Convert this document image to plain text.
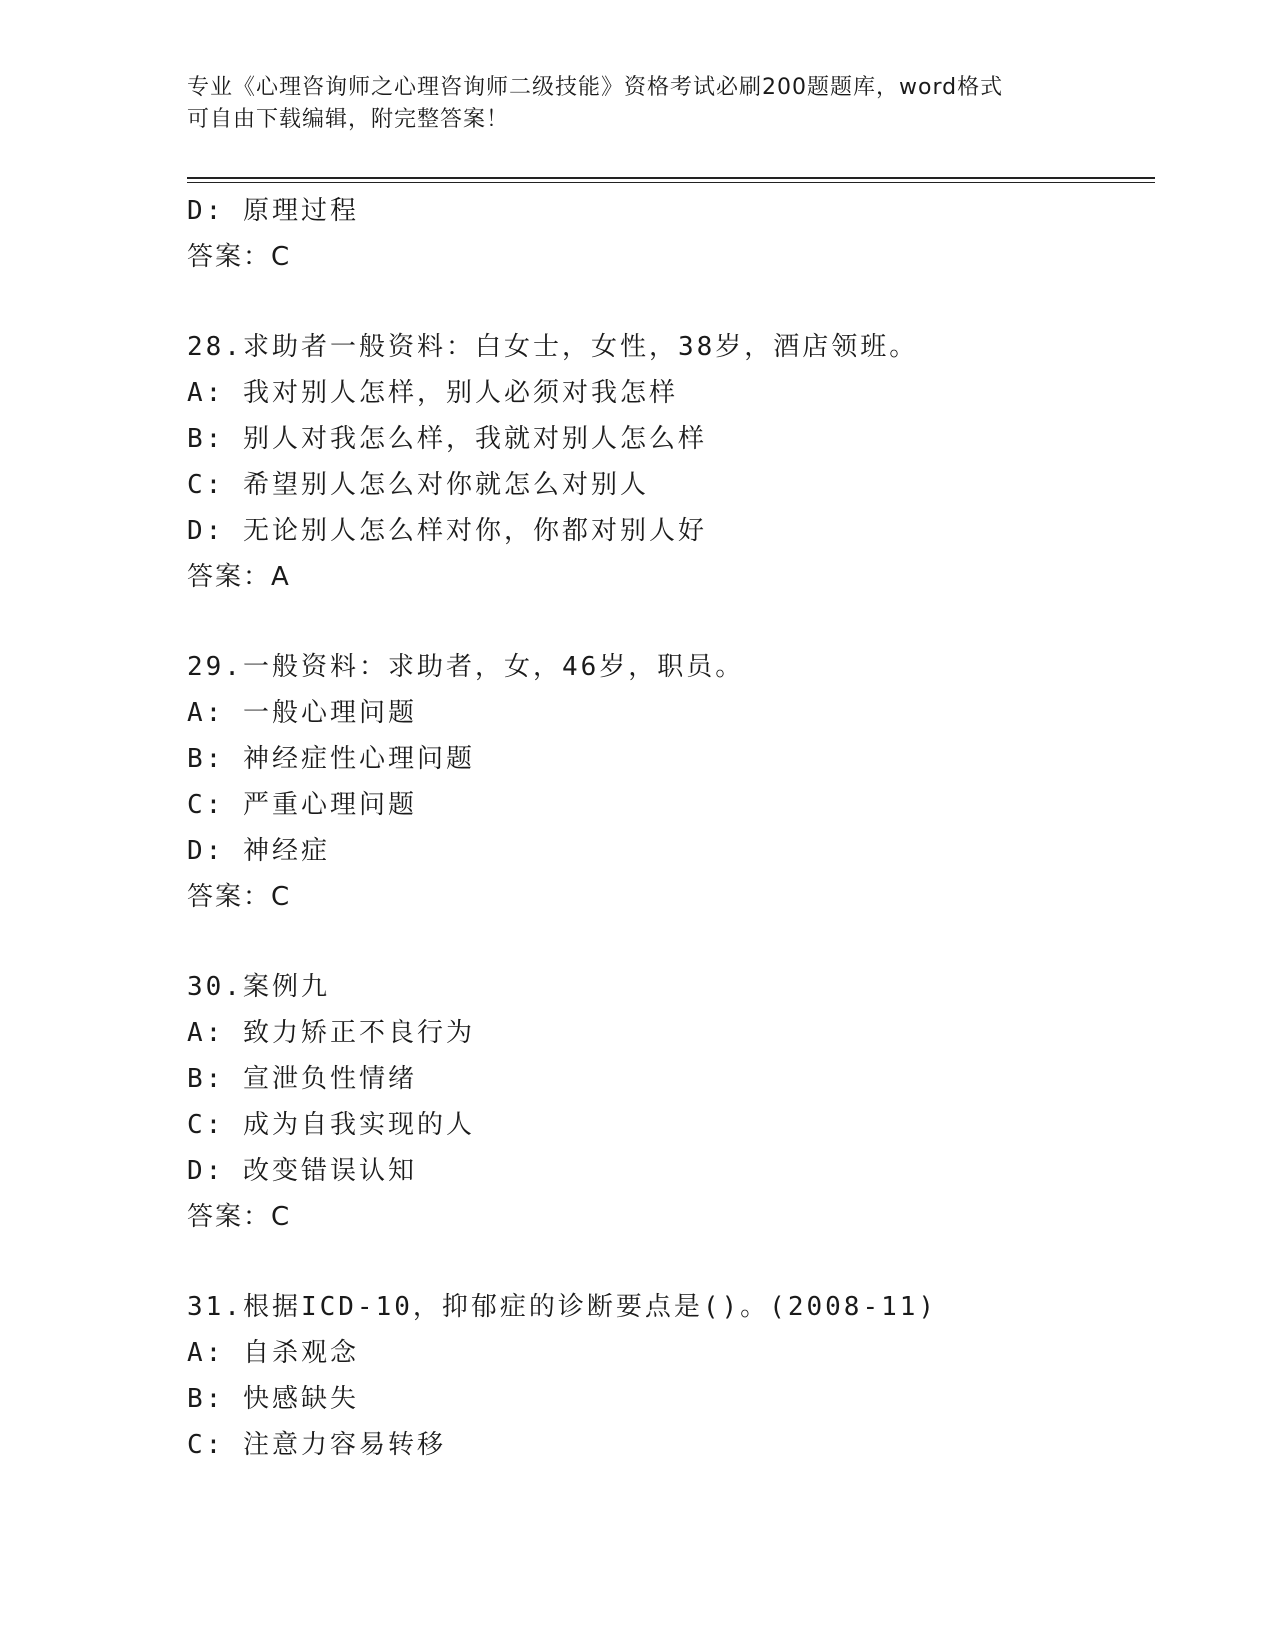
专业《心理咨询师之心理咨询师二级技能》资格考试必刷200题题库，word格式
可自由下载编辑，附完整答案！
D: 原理过程
答案：C
28.求助者一般资料：白女士，女性，38岁，酒店领班。
A: 我对别人怎样，别人必须对我怎样
B: 别人对我怎么样，我就对别人怎么样
C: 希望别人怎么对你就怎么对别人
D: 无论别人怎么样对你，你都对别人好
答案：A
29.一般资料：求助者，女，46岁，职员。
A: 一般心理问题
B: 神经症性心理问题
C: 严重心理问题
D: 神经症
答案：C
30.案例九
A: 致力矫正不良行为
B: 宣泄负性情绪
C: 成为自我实现的人
D: 改变错误认知
答案：C
31.根据ICD-10，抑郁症的诊断要点是()。(2008-11)
A: 自杀观念
B: 快感缺失
C: 注意力容易转移
